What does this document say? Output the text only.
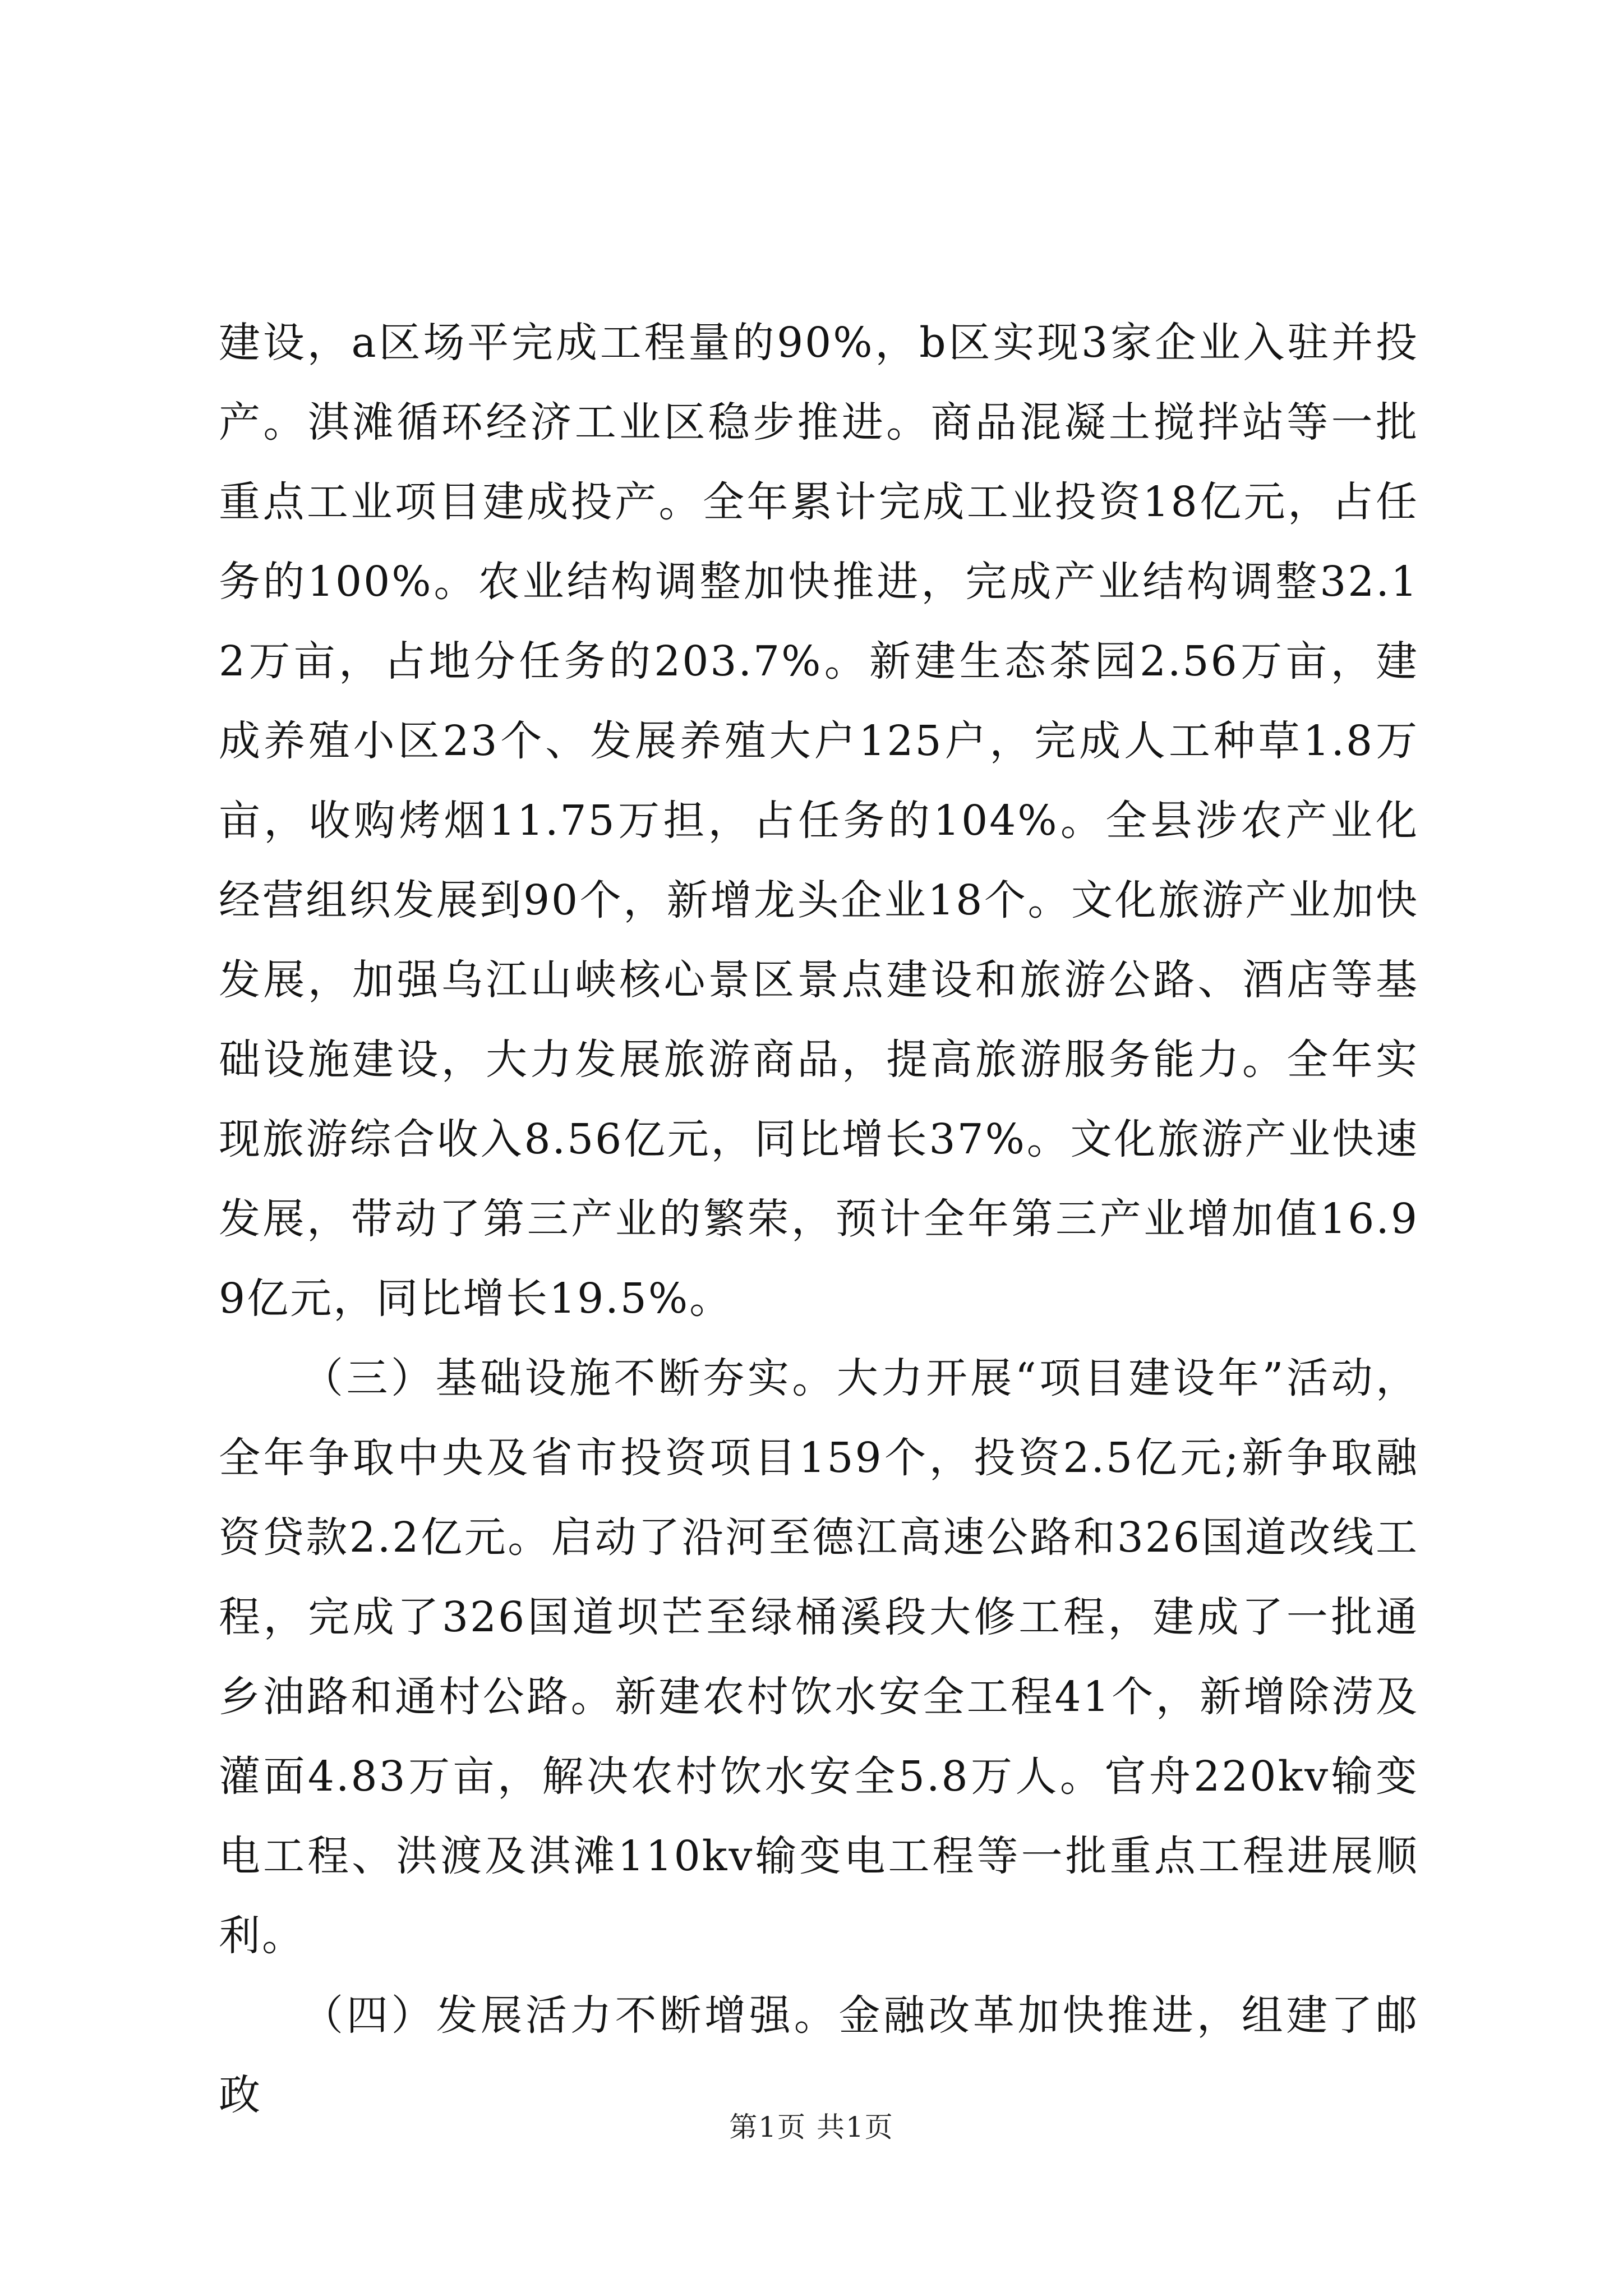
建设，a区场平完成工程量的90%，b区实现3家企业入驻并投产。淇滩循环经济工业区稳步推进。商品混凝土搅拌站等一批重点工业项目建成投产。全年累计完成工业投资18亿元，占任务的100%。农业结构调整加快推进，完成产业结构调整32.12万亩，占地分任务的203.7%。新建生态茶园2.56万亩，建成养殖小区23个、发展养殖大户125户，完成人工种草1.8万亩，收购烤烟11.75万担，占任务的104%。全县涉农产业化经营组织发展到90个，新增龙头企业18个。文化旅游产业加快发展，加强乌江山峡核心景区景点建设和旅游公路、酒店等基础设施建设，大力发展旅游商品，提高旅游服务能力。全年实现旅游综合收入8.56亿元，同比增长37%。文化旅游产业快速发展，带动了第三产业的繁荣，预计全年第三产业增加值16.99亿元，同比增长19.5%。

（三）基础设施不断夯实。大力开展“项目建设年”活动，全年争取中央及省市投资项目159个，投资2.5亿元;新争取融资贷款2.2亿元。启动了沿河至德江高速公路和326国道改线工程，完成了326国道坝芒至绿桶溪段大修工程，建成了一批通乡油路和通村公路。新建农村饮水安全工程41个，新增除涝及灌面4.83万亩，解决农村饮水安全5.8万人。官舟220kv输变电工程、洪渡及淇滩110kv输变电工程等一批重点工程进展顺利。

（四）发展活力不断增强。金融改革加快推进，组建了邮政

第1页 共1页
